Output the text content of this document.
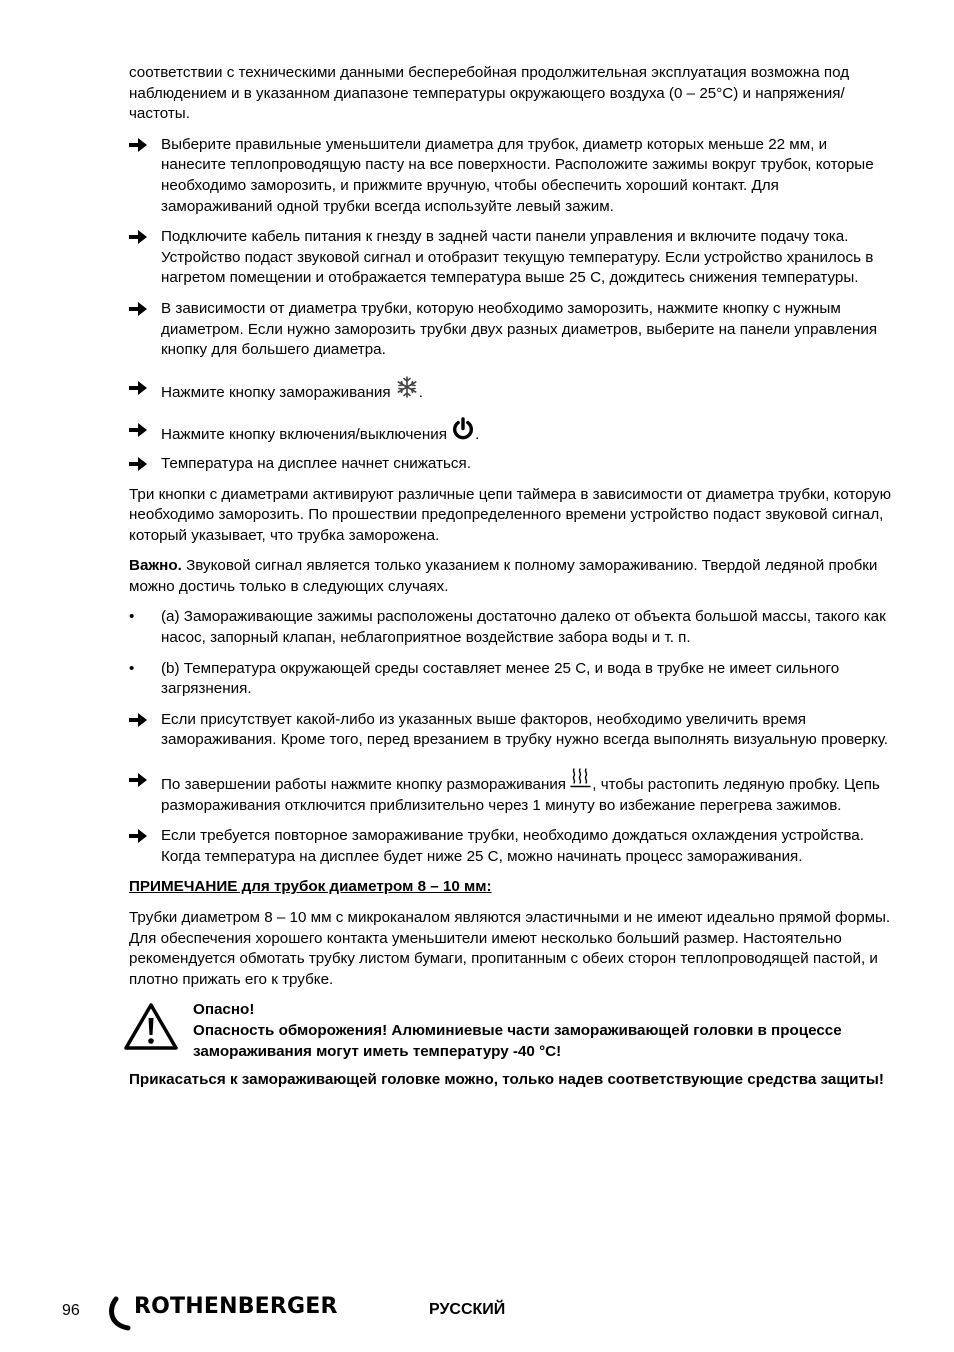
соответствии с техническими данными бесперебойная продолжительная эксплуатация возможна под наблюдением и в указанном диапазоне температуры окружающего воздуха (0 – 25°C) и напряжения/частоты.

Выберите правильные уменьшители диаметра для трубок, диаметр которых меньше 22 мм, и нанесите теплопроводящую пасту на все поверхности. Расположите зажимы вокруг трубок, которые необходимо заморозить, и прижмите вручную, чтобы обеспечить хороший контакт. Для замораживаний одной трубки всегда используйте левый зажим.

Подключите кабель питания к гнезду в задней части панели управления и включите подачу тока. Устройство подаст звуковой сигнал и отобразит текущую температуру. Если устройство хранилось в нагретом помещении и отображается температура выше 25 C, дождитесь снижения температуры.

В зависимости от диаметра трубки, которую необходимо заморозить, нажмите кнопку с нужным диаметром. Если нужно заморозить трубки двух разных диаметров, выберите на панели управления кнопку для большего диаметра.

Нажмите кнопку замораживания .

Нажмите кнопку включения/выключения .

Температура на дисплее начнет снижаться.

Три кнопки с диаметрами активируют различные цепи таймера в зависимости от диаметра трубки, которую необходимо заморозить. По прошествии предопределенного времени устройство подаст звуковой сигнал, который указывает, что трубка заморожена.

Важно. Звуковой сигнал является только указанием к полному замораживанию. Твердой ледяной пробки можно достичь только в следующих случаях.

•	(a) Замораживающие зажимы расположены достаточно далеко от объекта большой массы, такого как насос, запорный клапан, неблагоприятное воздействие забора воды и т. п.

•	(b) Температура окружающей среды составляет менее 25 C, и вода в трубке не имеет сильного загрязнения.

Если присутствует какой-либо из указанных выше факторов, необходимо увеличить время замораживания. Кроме того, перед врезанием в трубку нужно всегда выполнять визуальную проверку.

По завершении работы нажмите кнопку размораживания , чтобы растопить ледяную пробку. Цепь размораживания отключится приблизительно через 1 минуту во избежание перегрева зажимов.

Если требуется повторное замораживание трубки, необходимо дождаться охлаждения устройства. Когда температура на дисплее будет ниже 25 C, можно начинать процесс замораживания.

ПРИМЕЧАНИЕ для трубок диаметром 8 – 10 мм:

Трубки диаметром 8 – 10 мм с микроканалом являются эластичными и не имеют идеально прямой формы. Для обеспечения хорошего контакта уменьшители имеют несколько больший размер. Настоятельно рекомендуется обмотать трубку листом бумаги, пропитанным с обеих сторон теплопроводящей пастой, и плотно прижать его к трубке.

Опасно!

Опасность обморожения! Алюминиевые части замораживающей головки в процессе замораживания могут иметь температуру -40 °C!

Прикасаться к замораживающей головке можно, только надев соответствующие средства защиты!

96 ROTHENBERGER	РУССКИЙ
